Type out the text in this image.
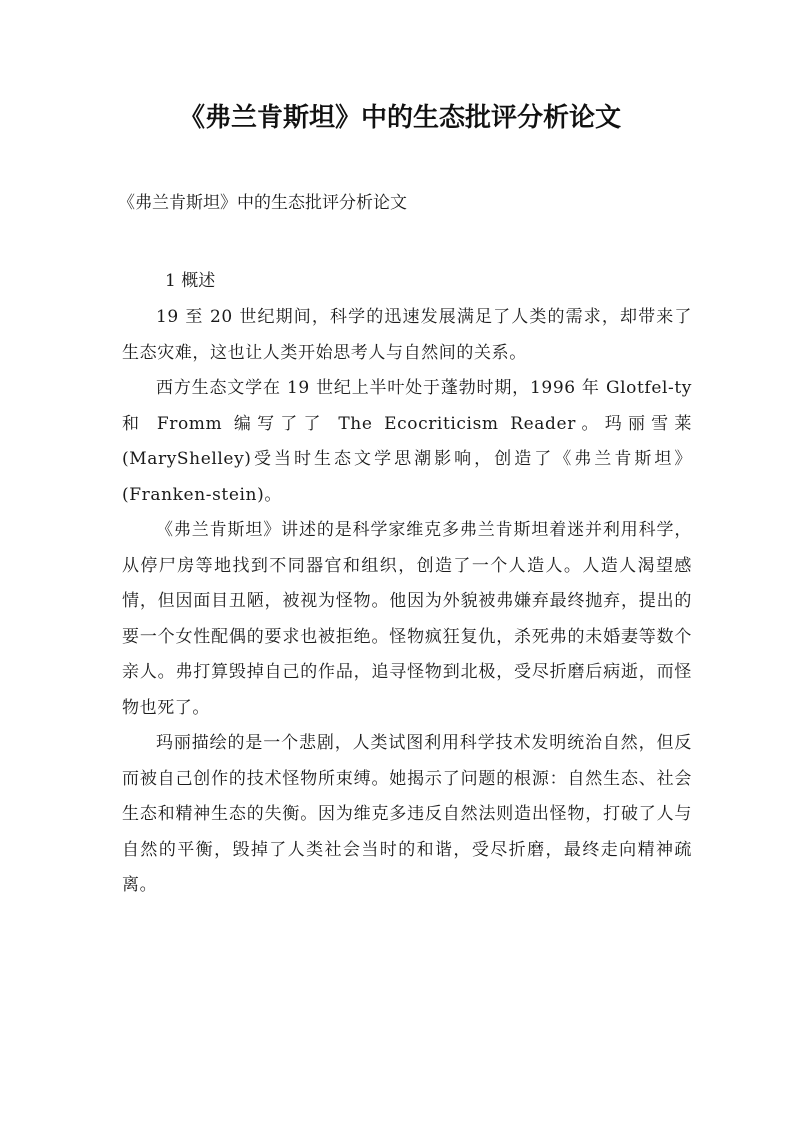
《弗兰肯斯坦》中的生态批评分析论文

《弗兰肯斯坦》中的生态批评分析论文

1 概述

19 至 20 世纪期间，科学的迅速发展满足了人类的需求，却带来了生态灾难，这也让人类开始思考人与自然间的关系。

西方生态文学在 19 世纪上半叶处于蓬勃时期，1996 年 Glotfel-ty 和 Fromm 编写了了 The Ecocriticism Reader。玛丽雪莱(MaryShelley)受当时生态文学思潮影响，创造了《弗兰肯斯坦》(Franken-stein)。

《弗兰肯斯坦》讲述的是科学家维克多弗兰肯斯坦着迷并利用科学，从停尸房等地找到不同器官和组织，创造了一个人造人。人造人渴望感情，但因面目丑陋，被视为怪物。他因为外貌被弗嫌弃最终抛弃，提出的要一个女性配偶的要求也被拒绝。怪物疯狂复仇，杀死弗的未婚妻等数个亲人。弗打算毁掉自己的作品，追寻怪物到北极，受尽折磨后病逝，而怪物也死了。

玛丽描绘的是一个悲剧，人类试图利用科学技术发明统治自然，但反而被自己创作的技术怪物所束缚。她揭示了问题的根源：自然生态、社会生态和精神生态的失衡。因为维克多违反自然法则造出怪物，打破了人与自然的平衡，毁掉了人类社会当时的和谐，受尽折磨，最终走向精神疏离。
